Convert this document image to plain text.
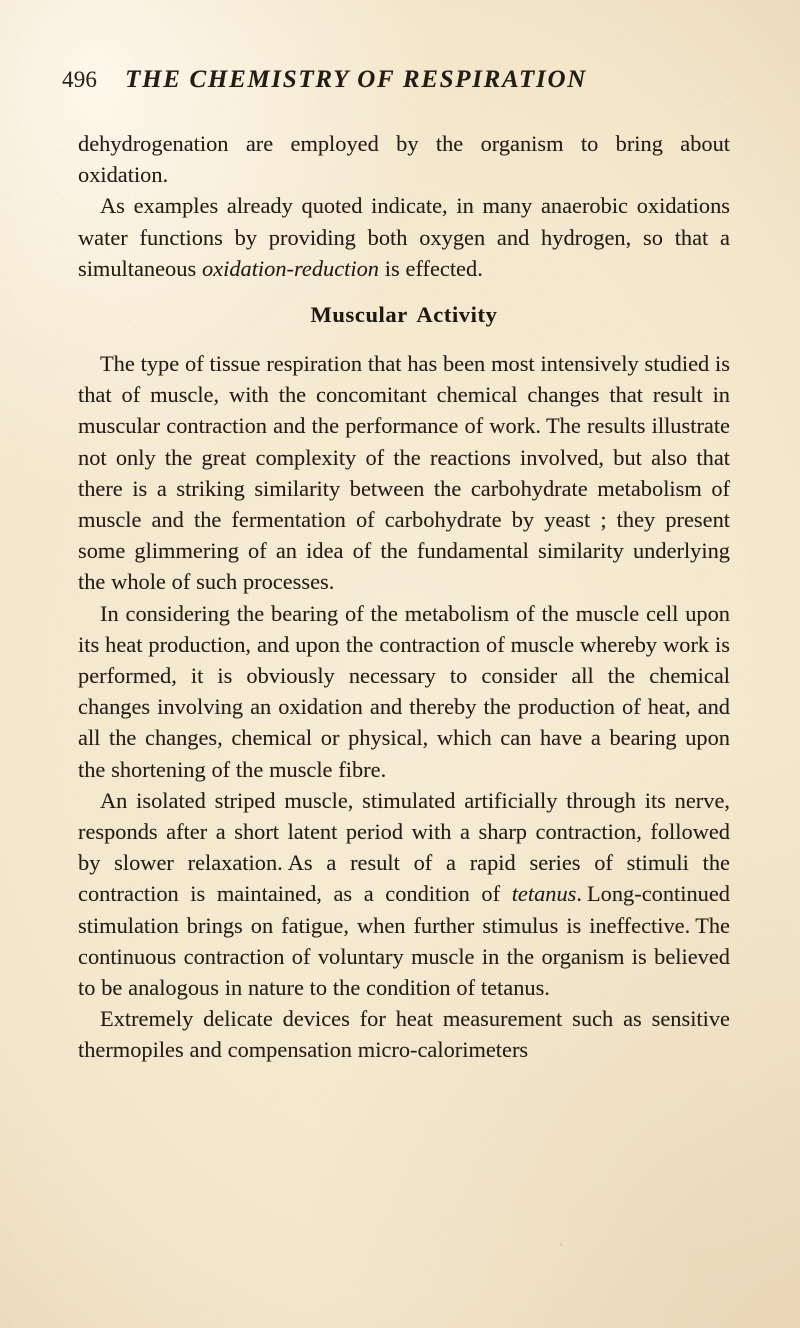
496 THE CHEMISTRY OF RESPIRATION

dehydrogenation are employed by the organism to bring about oxidation.

As examples already quoted indicate, in many anaerobic oxidations water functions by providing both oxygen and hydrogen, so that a simultaneous oxidation-reduction is effected.

Muscular Activity

The type of tissue respiration that has been most intensively studied is that of muscle, with the concomitant chemical changes that result in muscular contraction and the performance of work. The results illustrate not only the great complexity of the reactions involved, but also that there is a striking similarity between the carbohydrate metabolism of muscle and the fermentation of carbohydrate by yeast ; they present some glimmering of an idea of the fundamental similarity underlying the whole of such processes.

In considering the bearing of the metabolism of the muscle cell upon its heat production, and upon the contraction of muscle whereby work is performed, it is obviously necessary to consider all the chemical changes involving an oxidation and thereby the production of heat, and all the changes, chemical or physical, which can have a bearing upon the shortening of the muscle fibre.

An isolated striped muscle, stimulated artificially through its nerve, responds after a short latent period with a sharp contraction, followed by slower relaxation. As a result of a rapid series of stimuli the contraction is maintained, as a condition of tetanus. Long-continued stimulation brings on fatigue, when further stimulus is ineffective. The continuous contraction of voluntary muscle in the organism is believed to be analogous in nature to the condition of tetanus.

Extremely delicate devices for heat measurement such as sensitive thermopiles and compensation micro-calorimeters
